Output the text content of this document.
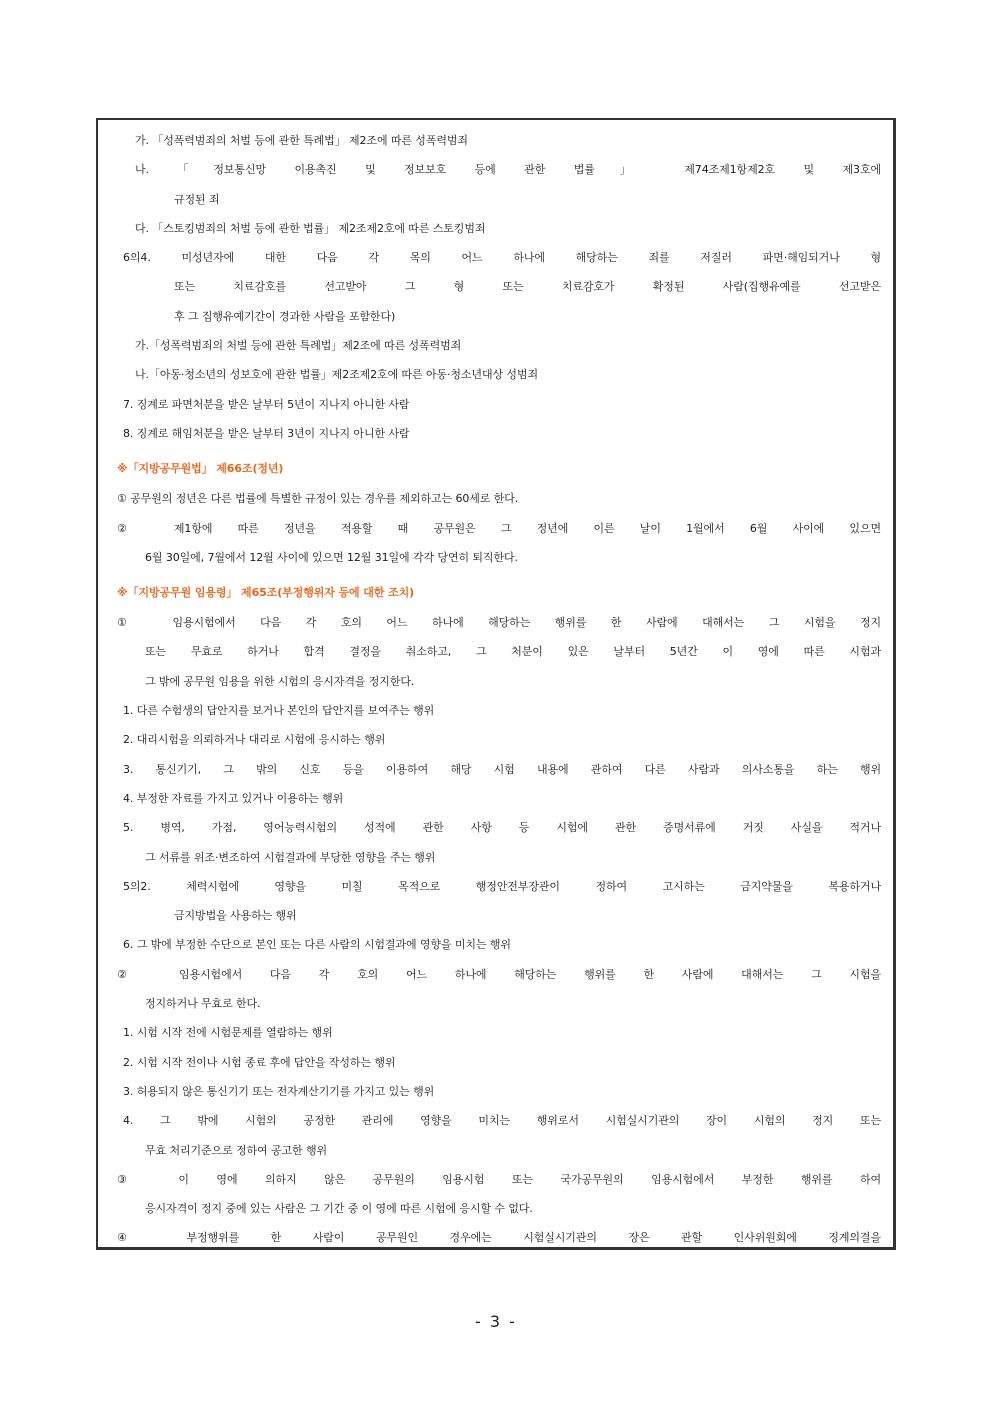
가. 「성폭력범죄의 처벌 등에 관한 특례법」 제2조에 따른 성폭력범죄
나. 「정보통신망 이용촉진 및 정보보호 등에 관한 법률」 제74조제1항제2호 및 제3호에
규정된 죄
다. 「스토킹범죄의 처벌 등에 관한 법률」 제2조제2호에 따른 스토킹범죄
6의4. 미성년자에 대한 다음 각 목의 어느 하나에 해당하는 죄를 저질러 파면·해임되거나 형
또는 치료감호를 선고받아 그 형 또는 치료감호가 확정된 사람(집행유예를 선고받은
후 그 집행유예기간이 경과한 사람을 포함한다)
가.「성폭력범죄의 처벌 등에 관한 특례법」제2조에 따른 성폭력범죄
나.「아동·청소년의 성보호에 관한 법률」제2조제2호에 따른 아동·청소년대상 성범죄
7. 징계로 파면처분을 받은 날부터 5년이 지나지 아니한 사람
8. 징계로 해임처분을 받은 날부터 3년이 지나지 아니한 사람
※「지방공무원법」 제66조(정년)
① 공무원의 정년은 다른 법률에 특별한 규정이 있는 경우를 제외하고는 60세로 한다.
② 제1항에 따른 정년을 적용할 때 공무원은 그 정년에 이른 날이 1월에서 6월 사이에 있으면
6월 30일에, 7월에서 12월 사이에 있으면 12월 31일에 각각 당연히 퇴직한다.
※「지방공무원 임용령」 제65조(부정행위자 등에 대한 조치)
① 임용시험에서 다음 각 호의 어느 하나에 해당하는 행위를 한 사람에 대해서는 그 시험을 정지
또는 무효로 하거나 합격 결정을 취소하고, 그 처분이 있은 날부터 5년간 이 영에 따른 시험과
그 밖에 공무원 임용을 위한 시험의 응시자격을 정지한다.
1. 다른 수험생의 답안지를 보거나 본인의 답안지를 보여주는 행위
2. 대리시험을 의뢰하거나 대리로 시험에 응시하는 행위
3. 통신기기, 그 밖의 신호 등을 이용하여 해당 시험 내용에 관하여 다른 사람과 의사소통을 하는 행위
4. 부정한 자료를 가지고 있거나 이용하는 행위
5. 병역, 가점, 영어능력시험의 성적에 관한 사항 등 시험에 관한 증명서류에 거짓 사실을 적거나
그 서류를 위조·변조하여 시험결과에 부당한 영향을 주는 행위
5의2. 체력시험에 영향을 미칠 목적으로 행정안전부장관이 정하여 고시하는 금지약물을 복용하거나
금지방법을 사용하는 행위
6. 그 밖에 부정한 수단으로 본인 또는 다른 사람의 시험결과에 영향을 미치는 행위
② 임용시험에서 다음 각 호의 어느 하나에 해당하는 행위를 한 사람에 대해서는 그 시험을
정지하거나 무효로 한다.
1. 시험 시작 전에 시험문제를 열람하는 행위
2. 시험 시작 전이나 시험 종료 후에 답안을 작성하는 행위
3. 허용되지 않은 통신기기 또는 전자계산기기를 가지고 있는 행위
4. 그 밖에 시험의 공정한 관리에 영향을 미치는 행위로서 시험실시기관의 장이 시험의 정지 또는
무효 처리기준으로 정하여 공고한 행위
③ 이 영에 의하지 않은 공무원의 임용시험 또는 국가공무원의 임용시험에서 부정한 행위를 하여
응시자격이 정지 중에 있는 사람은 그 기간 중 이 영에 따른 시험에 응시할 수 없다.
④ 부정행위를 한 사람이 공무원인 경우에는 시험실시기관의 장은 관할 인사위원회에 징계의결을
- 3 -
